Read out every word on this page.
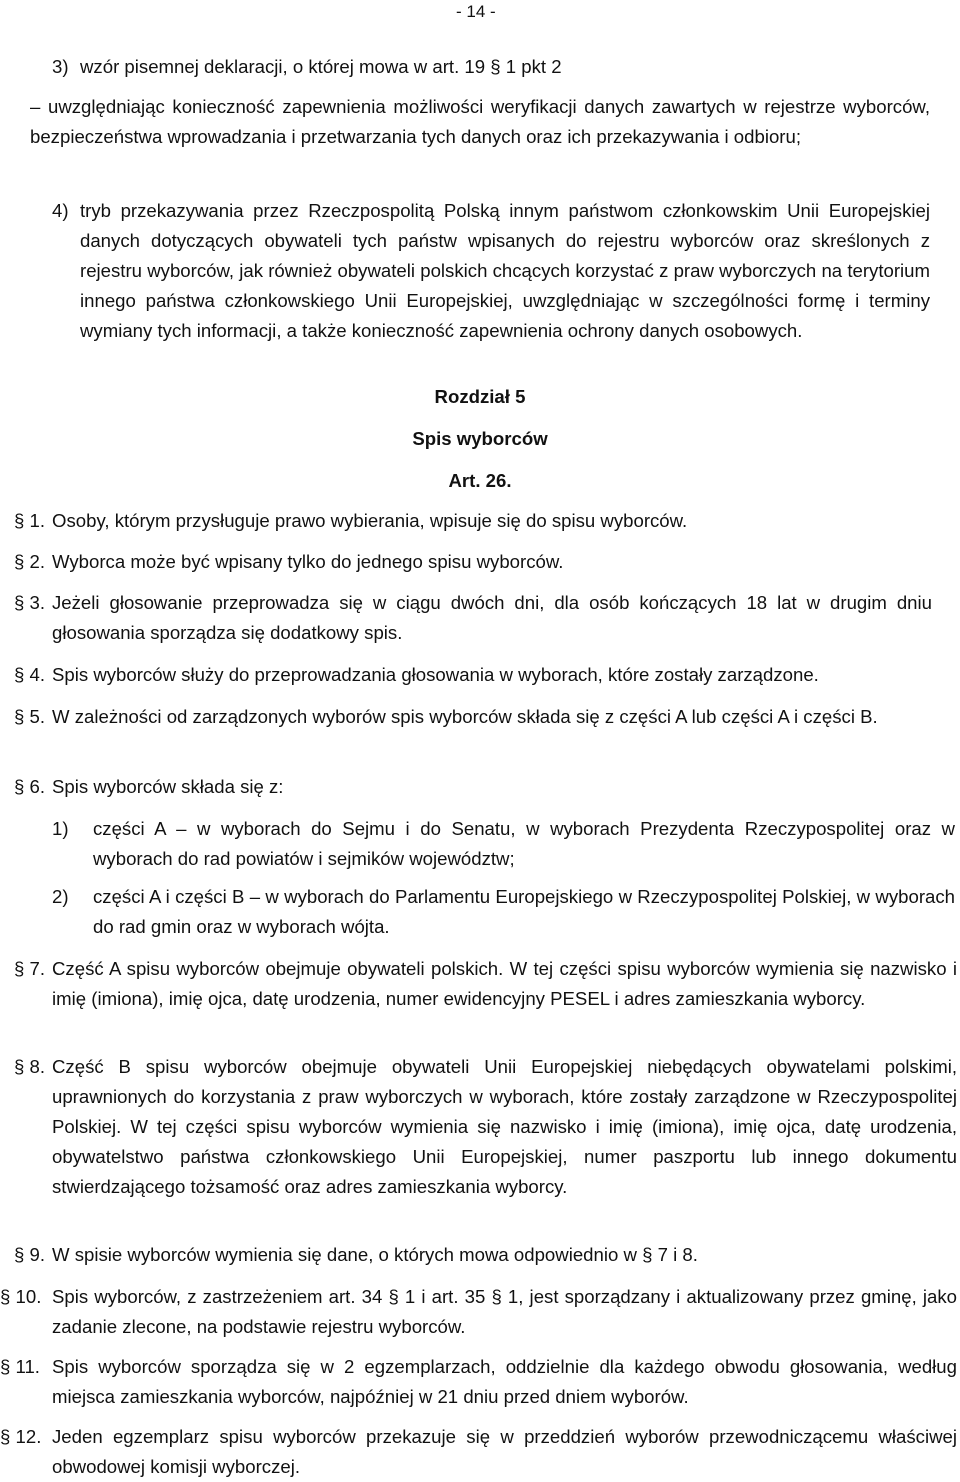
- 14 -
3) wzór pisemnej deklaracji, o której mowa w art. 19 § 1 pkt 2

– uwzględniając konieczność zapewnienia możliwości weryfikacji danych zawartych w rejestrze wyborców, bezpieczeństwa wprowadzania i przetwarzania tych danych oraz ich przekazywania i odbioru;

4) tryb przekazywania przez Rzeczpospolitą Polską innym państwom członkowskim Unii Europejskiej danych dotyczących obywateli tych państw wpisanych do rejestru wyborców oraz skreślonych z rejestru wyborców, jak również obywateli polskich chcących korzystać z praw wyborczych na terytorium innego państwa członkowskiego Unii Europejskiej, uwzględniając w szczególności formę i terminy wymiany tych informacji, a także konieczność zapewnienia ochrony danych osobowych.

Rozdział 5
Spis wyborców
Art. 26.
§ 1. Osoby, którym przysługuje prawo wybierania, wpisuje się do spisu wyborców.
§ 2. Wyborca może być wpisany tylko do jednego spisu wyborców.
§ 3. Jeżeli głosowanie przeprowadza się w ciągu dwóch dni, dla osób kończących 18 lat w drugim dniu głosowania sporządza się dodatkowy spis.

§ 4. Spis wyborców służy do przeprowadzania głosowania w wyborach, które zostały zarządzone.
§ 5. W zależności od zarządzonych wyborów spis wyborców składa się z części A lub części A i części B.

§ 6. Spis wyborców składa się z:
1) części A – w wyborach do Sejmu i do Senatu, w wyborach Prezydenta Rzeczypospolitej oraz w wyborach do rad powiatów i sejmików województw;

2) części A i części B – w wyborach do Parlamentu Europejskiego w Rzeczypospolitej Polskiej, w wyborach do rad gmin oraz w wyborach wójta.

§ 7. Część A spisu wyborców obejmuje obywateli polskich. W tej części spisu wyborców wymienia się nazwisko i imię (imiona), imię ojca, datę urodzenia, numer ewidencyjny PESEL i adres zamieszkania wyborcy.

§ 8. Część B spisu wyborców obejmuje obywateli Unii Europejskiej niebędących obywatelami polskimi, uprawnionych do korzystania z praw wyborczych w wyborach, które zostały zarządzone w Rzeczypospolitej Polskiej. W tej części spisu wyborców wymienia się nazwisko i imię (imiona), imię ojca, datę urodzenia, obywatelstwo państwa członkowskiego Unii Europejskiej, numer paszportu lub innego dokumentu stwierdzającego tożsamość oraz adres zamieszkania wyborcy.

§ 9. W spisie wyborców wymienia się dane, o których mowa odpowiednio w § 7 i 8.
§ 10. Spis wyborców, z zastrzeżeniem art. 34 § 1 i art. 35 § 1, jest sporządzany i aktualizowany przez gminę, jako zadanie zlecone, na podstawie rejestru wyborców.

§ 11. Spis wyborców sporządza się w 2 egzemplarzach, oddzielnie dla każdego obwodu głosowania, według miejsca zamieszkania wyborców, najpóźniej w 21 dniu przed dniem wyborów.

§ 12. Jeden egzemplarz spisu wyborców przekazuje się w przeddzień wyborów przewodniczącemu właściwej obwodowej komisji wyborczej.
